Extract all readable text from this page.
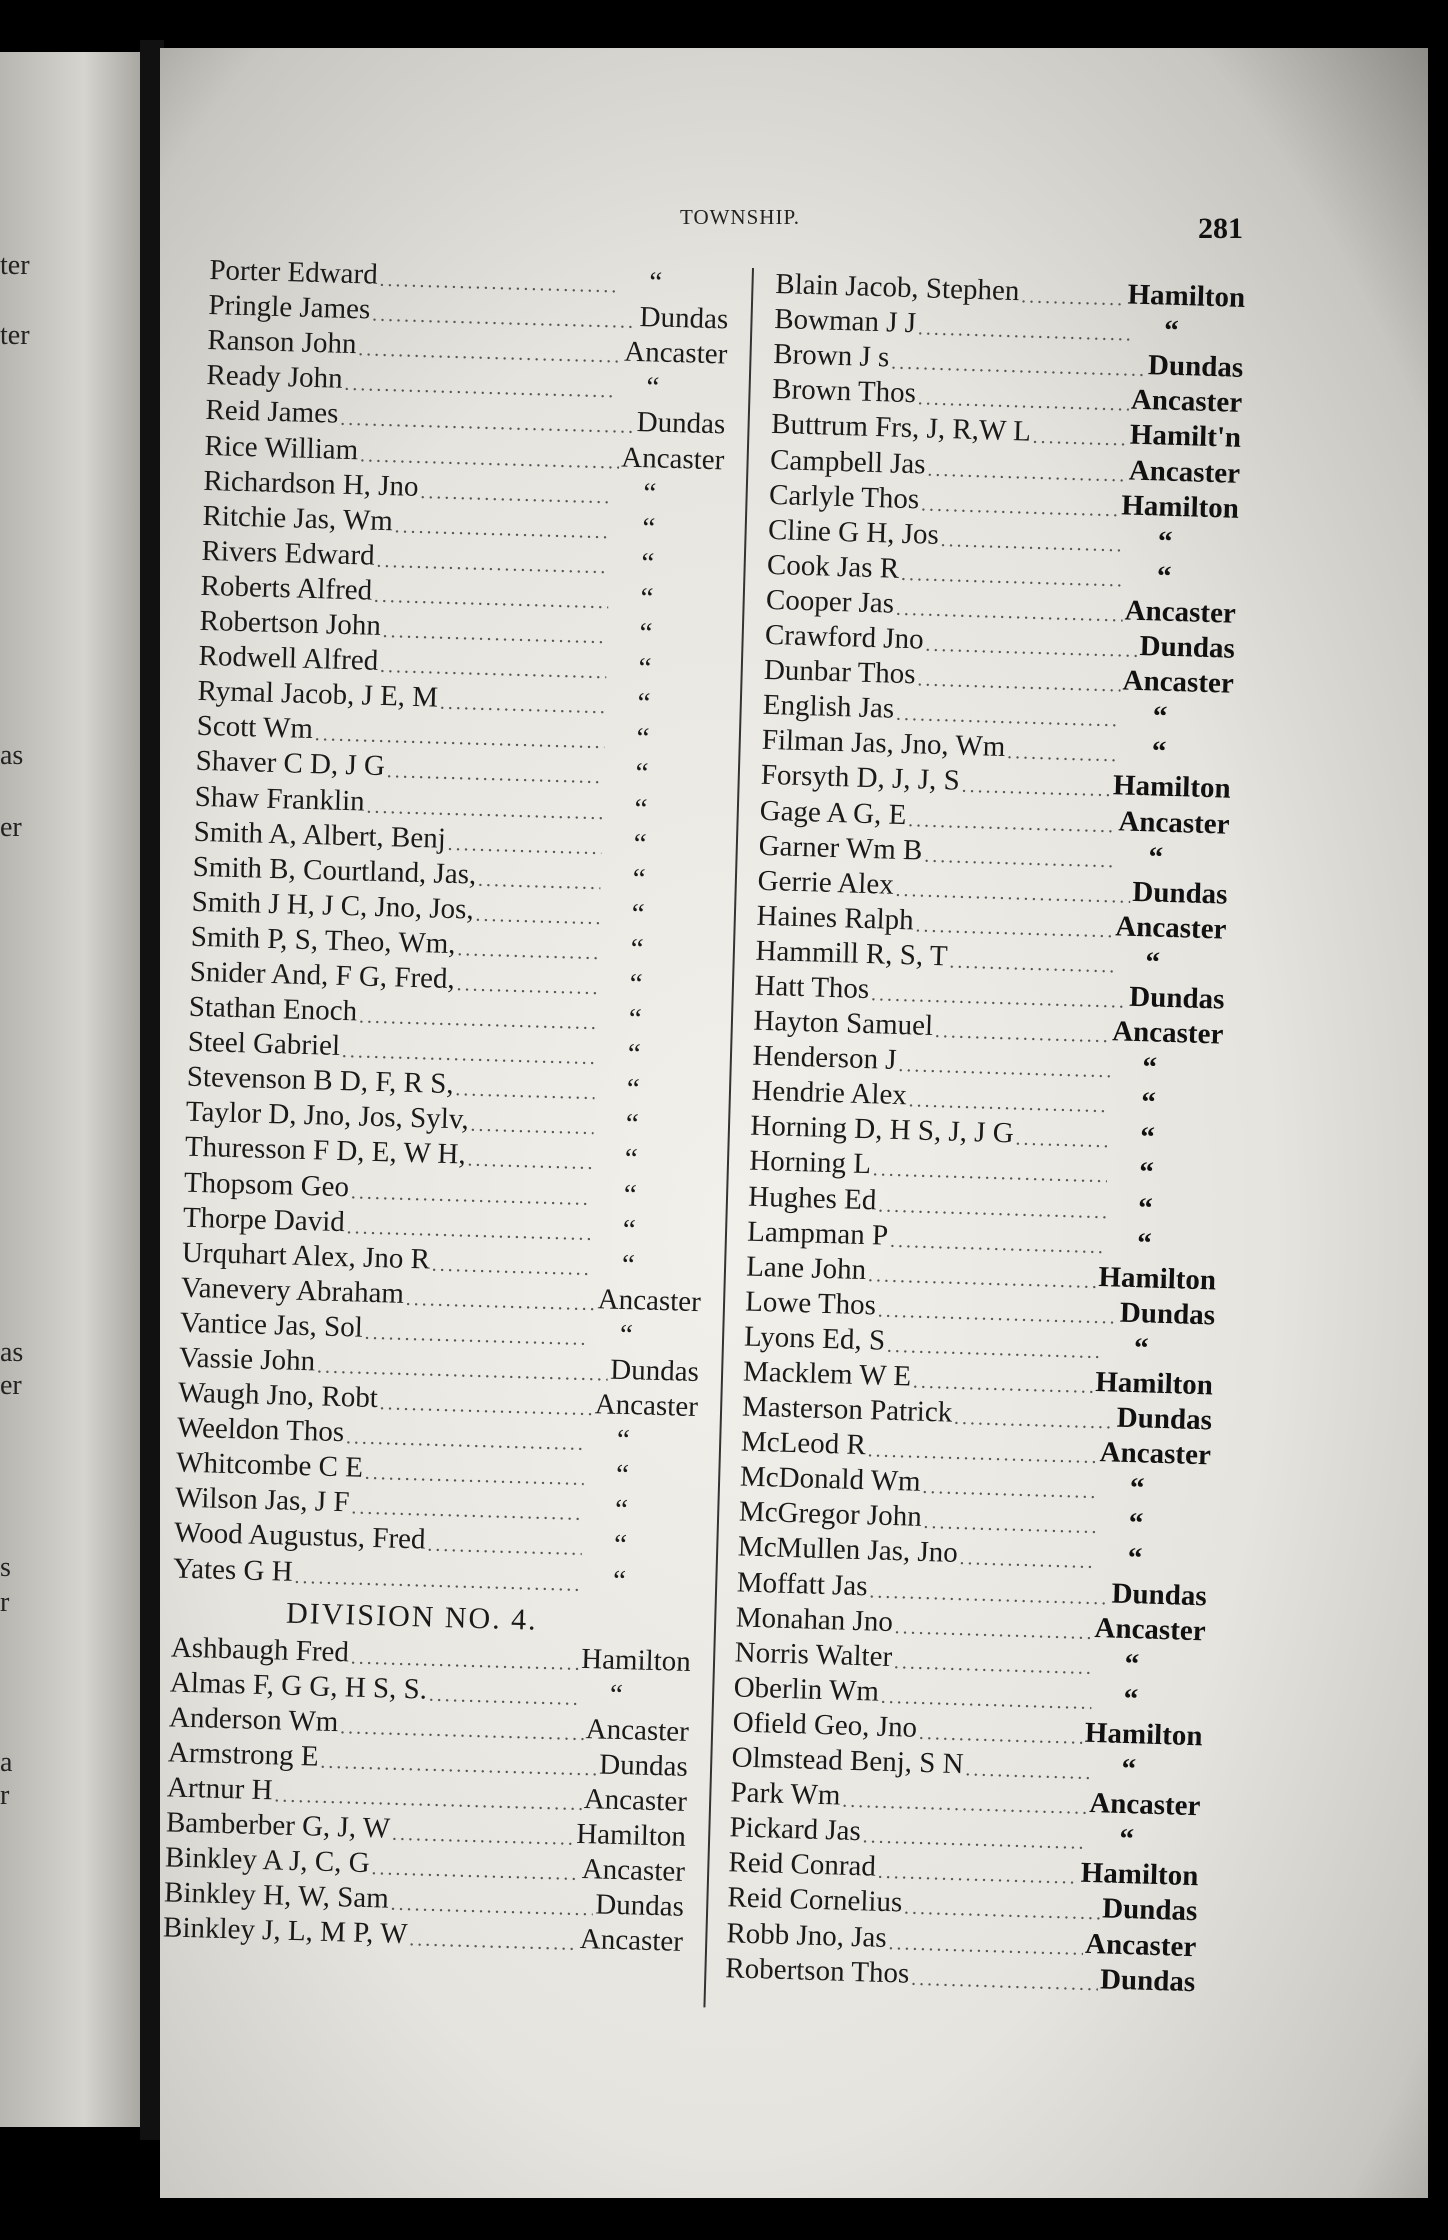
ter
ter
as
er
as
er
s
r
a
r
TOWNSHIP.	281
Porter Edward .....	“
Pringle James .....	Dundas
Ranson John .....	Ancaster
Ready John .....	“
Reid James .....	Dundas
Rice William .....	Ancaster
Richardson H, Jno .....	“
Ritchie Jas, Wm .....	“
Rivers Edward .....	“
Roberts Alfred .....	“
Robertson John .....	“
Rodwell Alfred .....	“
Rymal Jacob, J E, M .....	“
Scott Wm .....	“
Shaver C D, J G .....	“
Shaw Franklin .....	“
Smith A, Albert, Benj .....	“
Smith B, Courtland, Jas, .....	“
Smith J H, J C, Jno, Jos, .....	“
Smith P, S, Theo, Wm, .....	“
Snider And, F G, Fred, .....	“
Stathan Enoch .....	“
Steel Gabriel .....	“
Stevenson B D, F, R S, .....	“
Taylor D, Jno, Jos, Sylv, .....	“
Thuresson F D, E, W H, .....	“
Thopsom Geo .....	“
Thorpe David .....	“
Urquhart Alex, Jno R .....	“
Vanevery Abraham .....	Ancaster
Vantice Jas, Sol .....	“
Vassie John .....	Dundas
Waugh Jno, Robt .....	Ancaster
Weeldon Thos .....	“
Whitcombe C E .....	“
Wilson Jas, J F .....	“
Wood Augustus, Fred .....	“
Yates G H .....	“
DIVISION NO. 4.
Ashbaugh Fred .....	Hamilton
Almas F, G G, H S, S. .....	“
Anderson Wm .....	Ancaster
Armstrong E .....	Dundas
Artnur H .....	Ancaster
Bamberber G, J, W .....	Hamilton
Binkley A J, C, G .....	Ancaster
Binkley H, W, Sam .....	Dundas
Binkley J, L, M P, W .....	Ancaster
Blain Jacob, Stephen .....	Hamilton
Bowman J J .....	“
Brown J s .....	Dundas
Brown Thos .....	Ancaster
Buttrum Frs, J, R,W L .....	Hamilt'n
Campbell Jas .....	Ancaster
Carlyle Thos .....	Hamilton
Cline G H, Jos .....	“
Cook Jas R .....	“
Cooper Jas .....	Ancaster
Crawford Jno .....	Dundas
Dunbar Thos .....	Ancaster
English Jas .....	“
Filman Jas, Jno, Wm .....	“
Forsyth D, J, J, S .....	Hamilton
Gage A G, E .....	Ancaster
Garner Wm B .....	“
Gerrie Alex .....	Dundas
Haines Ralph .....	Ancaster
Hammill R, S, T .....	“
Hatt Thos .....	Dundas
Hayton Samuel .....	Ancaster
Henderson J .....	“
Hendrie Alex .....	“
Horning D, H S, J, J G .....	“
Horning L .....	“
Hughes Ed .....	“
Lampman P .....	“
Lane John .....	Hamilton
Lowe Thos .....	Dundas
Lyons Ed, S .....	“
Macklem W E .....	Hamilton
Masterson Patrick .....	Dundas
McLeod R .....	Ancaster
McDonald Wm .....	“
McGregor John .....	“
McMullen Jas, Jno .....	“
Moffatt Jas .....	Dundas
Monahan Jno .....	Ancaster
Norris Walter .....	“
Oberlin Wm .....	“
Ofield Geo, Jno .....	Hamilton
Olmstead Benj, S N .....	“
Park Wm .....	Ancaster
Pickard Jas .....	“
Reid Conrad .....	Hamilton
Reid Cornelius .....	Dundas
Robb Jno, Jas .....	Ancaster
Robertson Thos .....	Dundas
